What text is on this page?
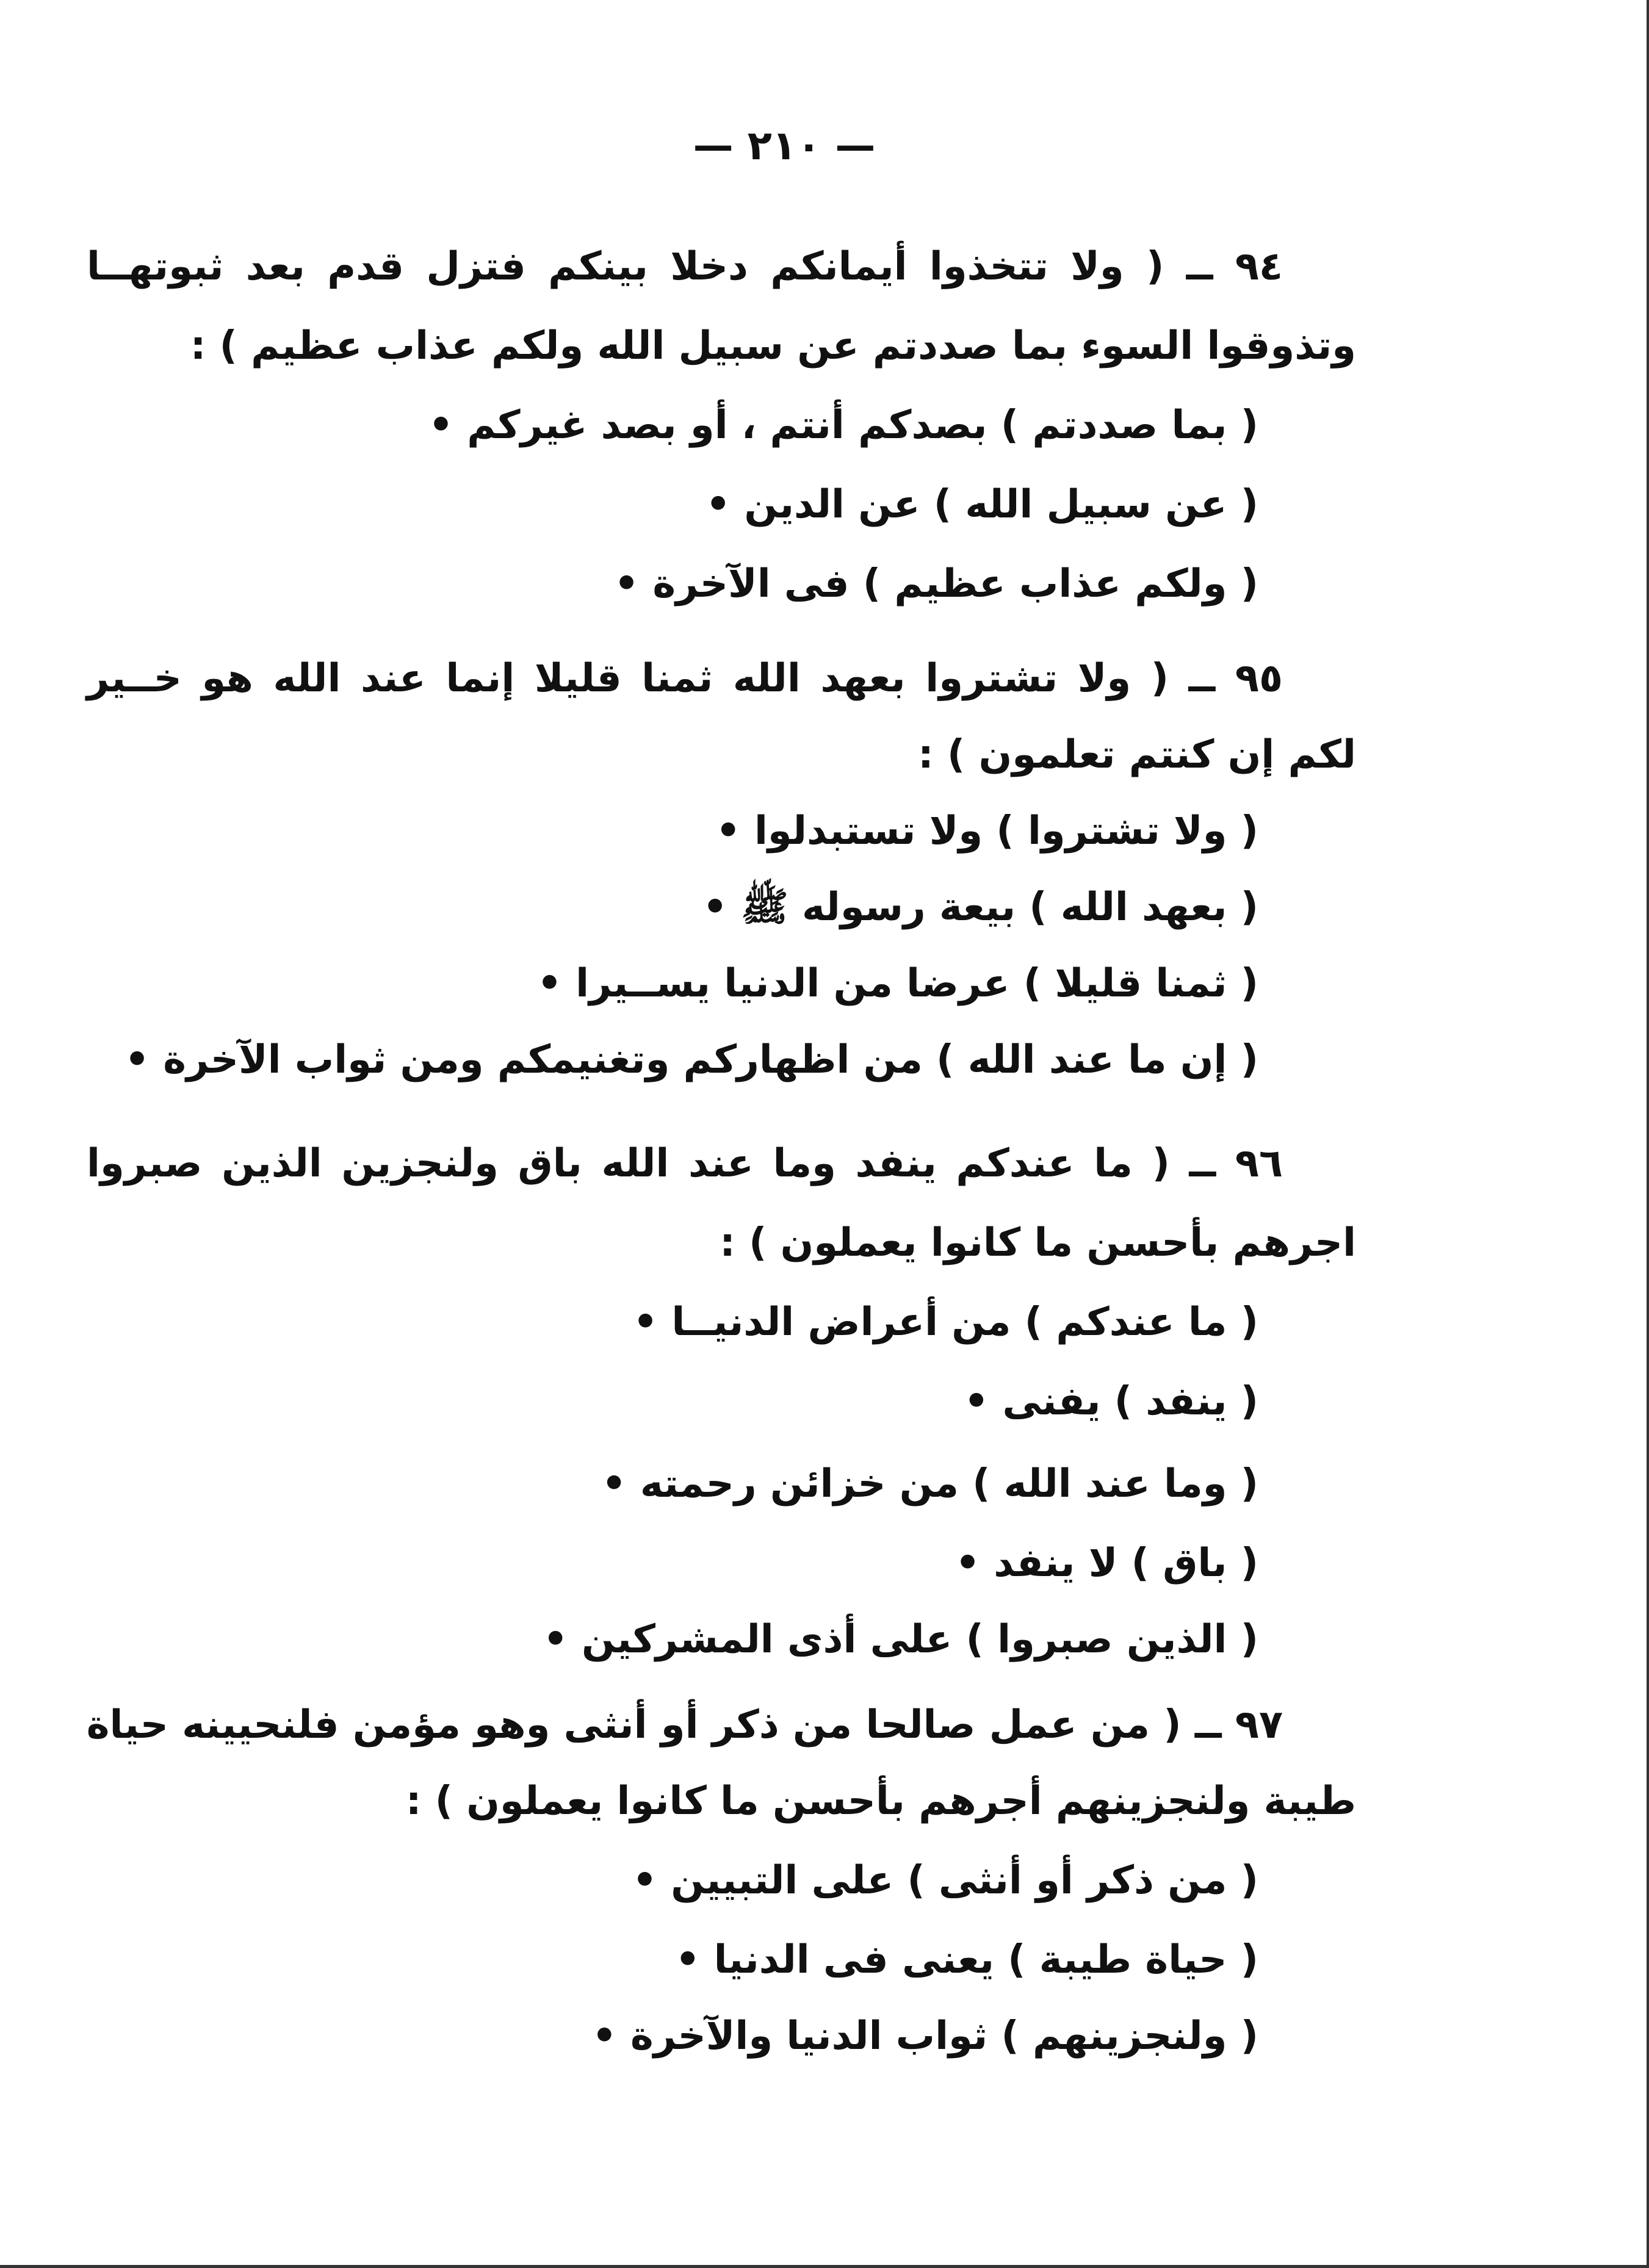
— ٢١٠ —
٩٤ ــ ( ولا تتخذوا أيمانكم دخلا بينكم فتزل قدم بعد ثبوتهــا
وتذوقوا السوء بما صددتم عن سبيل الله ولكم عذاب عظيم ) :
( بما صددتم ) بصدكم أنتم ، أو بصد غيركم •
( عن سبيل الله ) عن الدين •
( ولكم عذاب عظيم ) فى الآخرة •
٩٥ ــ ( ولا تشتروا بعهد الله ثمنا قليلا إنما عند الله هو خــير
لكم إن كنتم تعلمون ) :
( ولا تشتروا ) ولا تستبدلوا •
( بعهد الله ) بيعة رسوله ﷺ •
( ثمنا قليلا ) عرضا من الدنيا يســيرا •
( إن ما عند الله ) من اظهاركم وتغنيمكم ومن ثواب الآخرة •
٩٦ ــ ( ما عندكم ينفد وما عند الله باق ولنجزين الذين صبروا
اجرهم بأحسن ما كانوا يعملون ) :
( ما عندكم ) من أعراض الدنيــا •
( ينفد ) يفنى •
( وما عند الله ) من خزائن رحمته •
( باق ) لا ينفد •
( الذين صبروا ) على أذى المشركين •
٩٧ ــ ( من عمل صالحا من ذكر أو أنثى وهو مؤمن فلنحيينه حياة
طيبة ولنجزينهم أجرهم بأحسن ما كانوا يعملون ) :
( من ذكر أو أنثى ) على التبيين •
( حياة طيبة ) يعنى فى الدنيا •
( ولنجزينهم ) ثواب الدنيا والآخرة •
